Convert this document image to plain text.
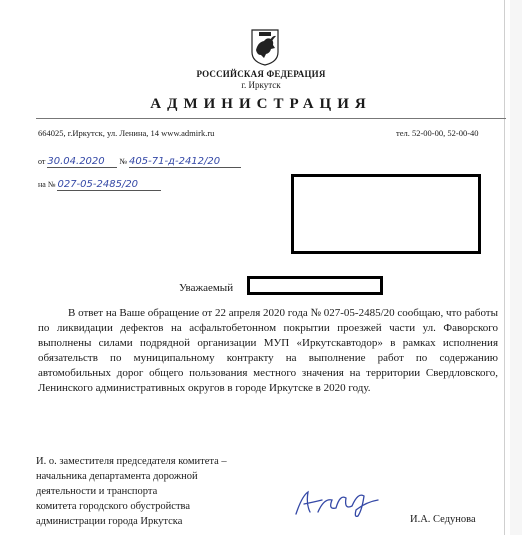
РОССИЙСКАЯ ФЕДЕРАЦИЯ
г. Иркутск
АДМИНИСТРАЦИЯ
664025, г.Иркутск, ул. Ленина, 14 www.admirk.ru	тел. 52-00-00, 52-00-40
от 30.04.2020 № 405-71-д-2412/20
на № 027-05-2485/20
Уважаемый
В ответ на Ваше обращение от 22 апреля 2020 года № 027-05-2485/20 сообщаю, что работы по ликвидации дефектов на асфальтобетонном покрытии проезжей части ул. Фаворского выполнены силами подрядной организации МУП «Иркутскавтодор» в рамках исполнения обязательств по муниципальному контракту на выполнение работ по содержанию автомобильных дорог общего пользования местного значения на территории Свердловского, Ленинского административных округов в городе Иркутске в 2020 году.
И. о. заместителя председателя комитета –
начальника департамента дорожной
деятельности и транспорта
комитета городского обустройства
администрации города Иркутска	И.А. Седунова
